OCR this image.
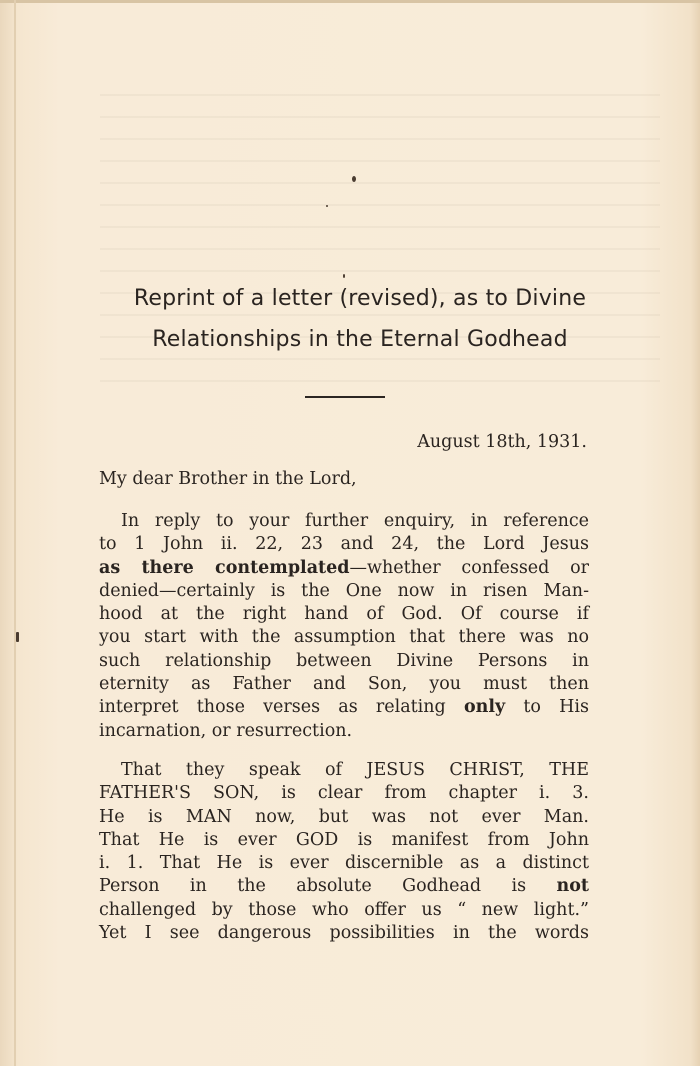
Reprint of a letter (revised), as to Divine
Relationships in the Eternal Godhead
August 18th, 1931.
My dear Brother in the Lord,
In reply to your further enquiry, in reference
to 1 John ii. 22, 23 and 24, the Lord Jesus
as there contemplated—whether confessed or
denied—certainly is the One now in risen Man-
hood at the right hand of God. Of course if
you start with the assumption that there was no
such relationship between Divine Persons in
eternity as Father and Son, you must then
interpret those verses as relating only to His
incarnation, or resurrection.
That they speak of JESUS CHRIST, THE
FATHER'S SON, is clear from chapter i. 3.
He is MAN now, but was not ever Man.
That He is ever GOD is manifest from John
i. 1. That He is ever discernible as a distinct
Person in the absolute Godhead is not
challenged by those who offer us “ new light.”
Yet I see dangerous possibilities in the words
